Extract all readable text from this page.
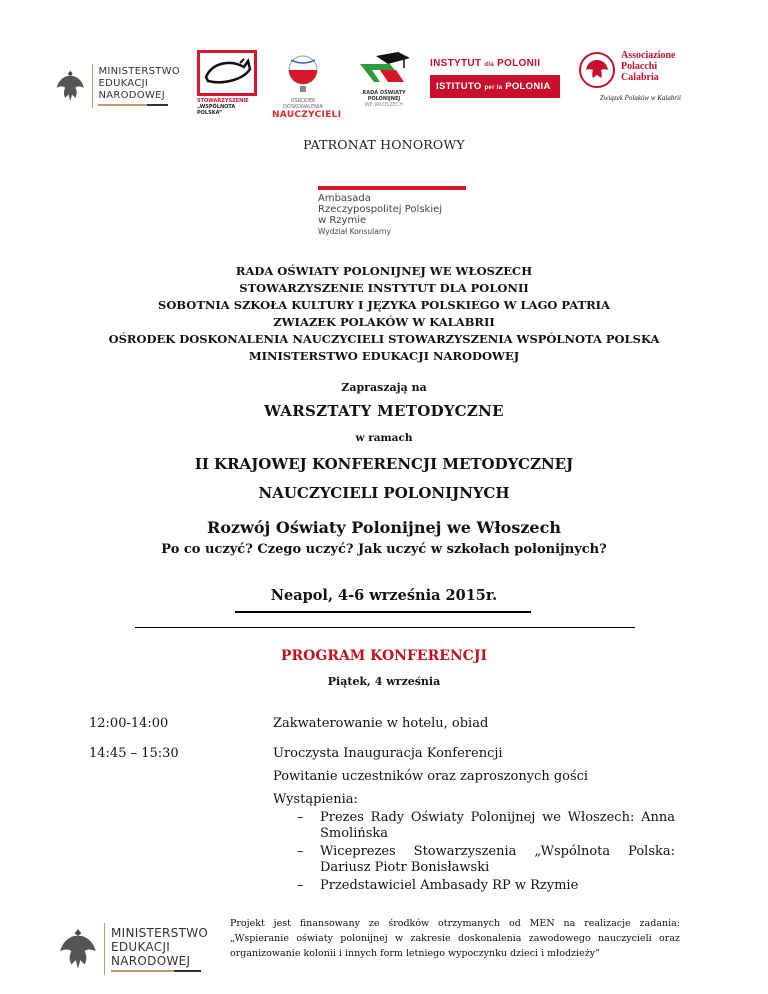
MINISTERSTWO
EDUKACJI
NARODOWEJ	STOWARZYSZENIE
„WSPÓLNOTA POLSKA”
OŚRODEK DOSKONALENIA
NAUCZYCIELI
RADA OŚWIATY
POLONIJNEJ
WE WŁOSZECH
INSTYTUT dla POLONII
ISTITUTO per la POLONIA
Associazione
Polacchi
Calabria
Związek Polaków w Kalabrii
PATRONAT HONOROWY
Ambasada
Rzeczypospolitej Polskiej
w Rzymie
Wydział Konsularny
RADA OŚWIATY POLONIJNEJ WE WŁOSZECH
STOWARZYSZENIE INSTYTUT DLA POLONII
SOBOTNIA SZKOŁA KULTURY I JĘZYKA POLSKIEGO W LAGO PATRIA
ZWIAZEK POLAKÓW W KALABRII
OŚRODEK DOSKONALENIA NAUCZYCIELI STOWARZYSZENIA WSPÓLNOTA POLSKA
MINISTERSTWO EDUKACJI NARODOWEJ
Zapraszają na
WARSZTATY METODYCZNE
w ramach
II KRAJOWEJ KONFERENCJI METODYCZNEJ
NAUCZYCIELI POLONIJNYCH
Rozwój Oświaty Polonijnej we Włoszech
Po co uczyć? Czego uczyć? Jak uczyć w szkołach polonijnych?
Neapol, 4-6 września 2015r.
PROGRAM KONFERENCJI
Piątek, 4 września
12:00-14:00	Zakwaterowanie w hotelu, obiad
14:45 – 15:30	Uroczysta Inauguracja Konferencji
Powitanie uczestników oraz zaproszonych gości
Wystąpienia:
–	Prezes Rady Oświaty Polonijnej we Włoszech: Anna Smolińska
–	Wiceprezes Stowarzyszenia „Wspólnota Polska: Dariusz Piotr Bonisławski
–	Przedstawiciel Ambasady RP w Rzymie
MINISTERSTWO
EDUKACJI
NARODOWEJ
Projekt jest finansowany ze środków otrzymanych od MEN na realizacje zadania: „Wspieranie oświaty polonijnej w zakresie doskonalenia zawodowego nauczycieli oraz organizowanie kolonii i innych form letniego wypoczynku dzieci i młodzieży”
